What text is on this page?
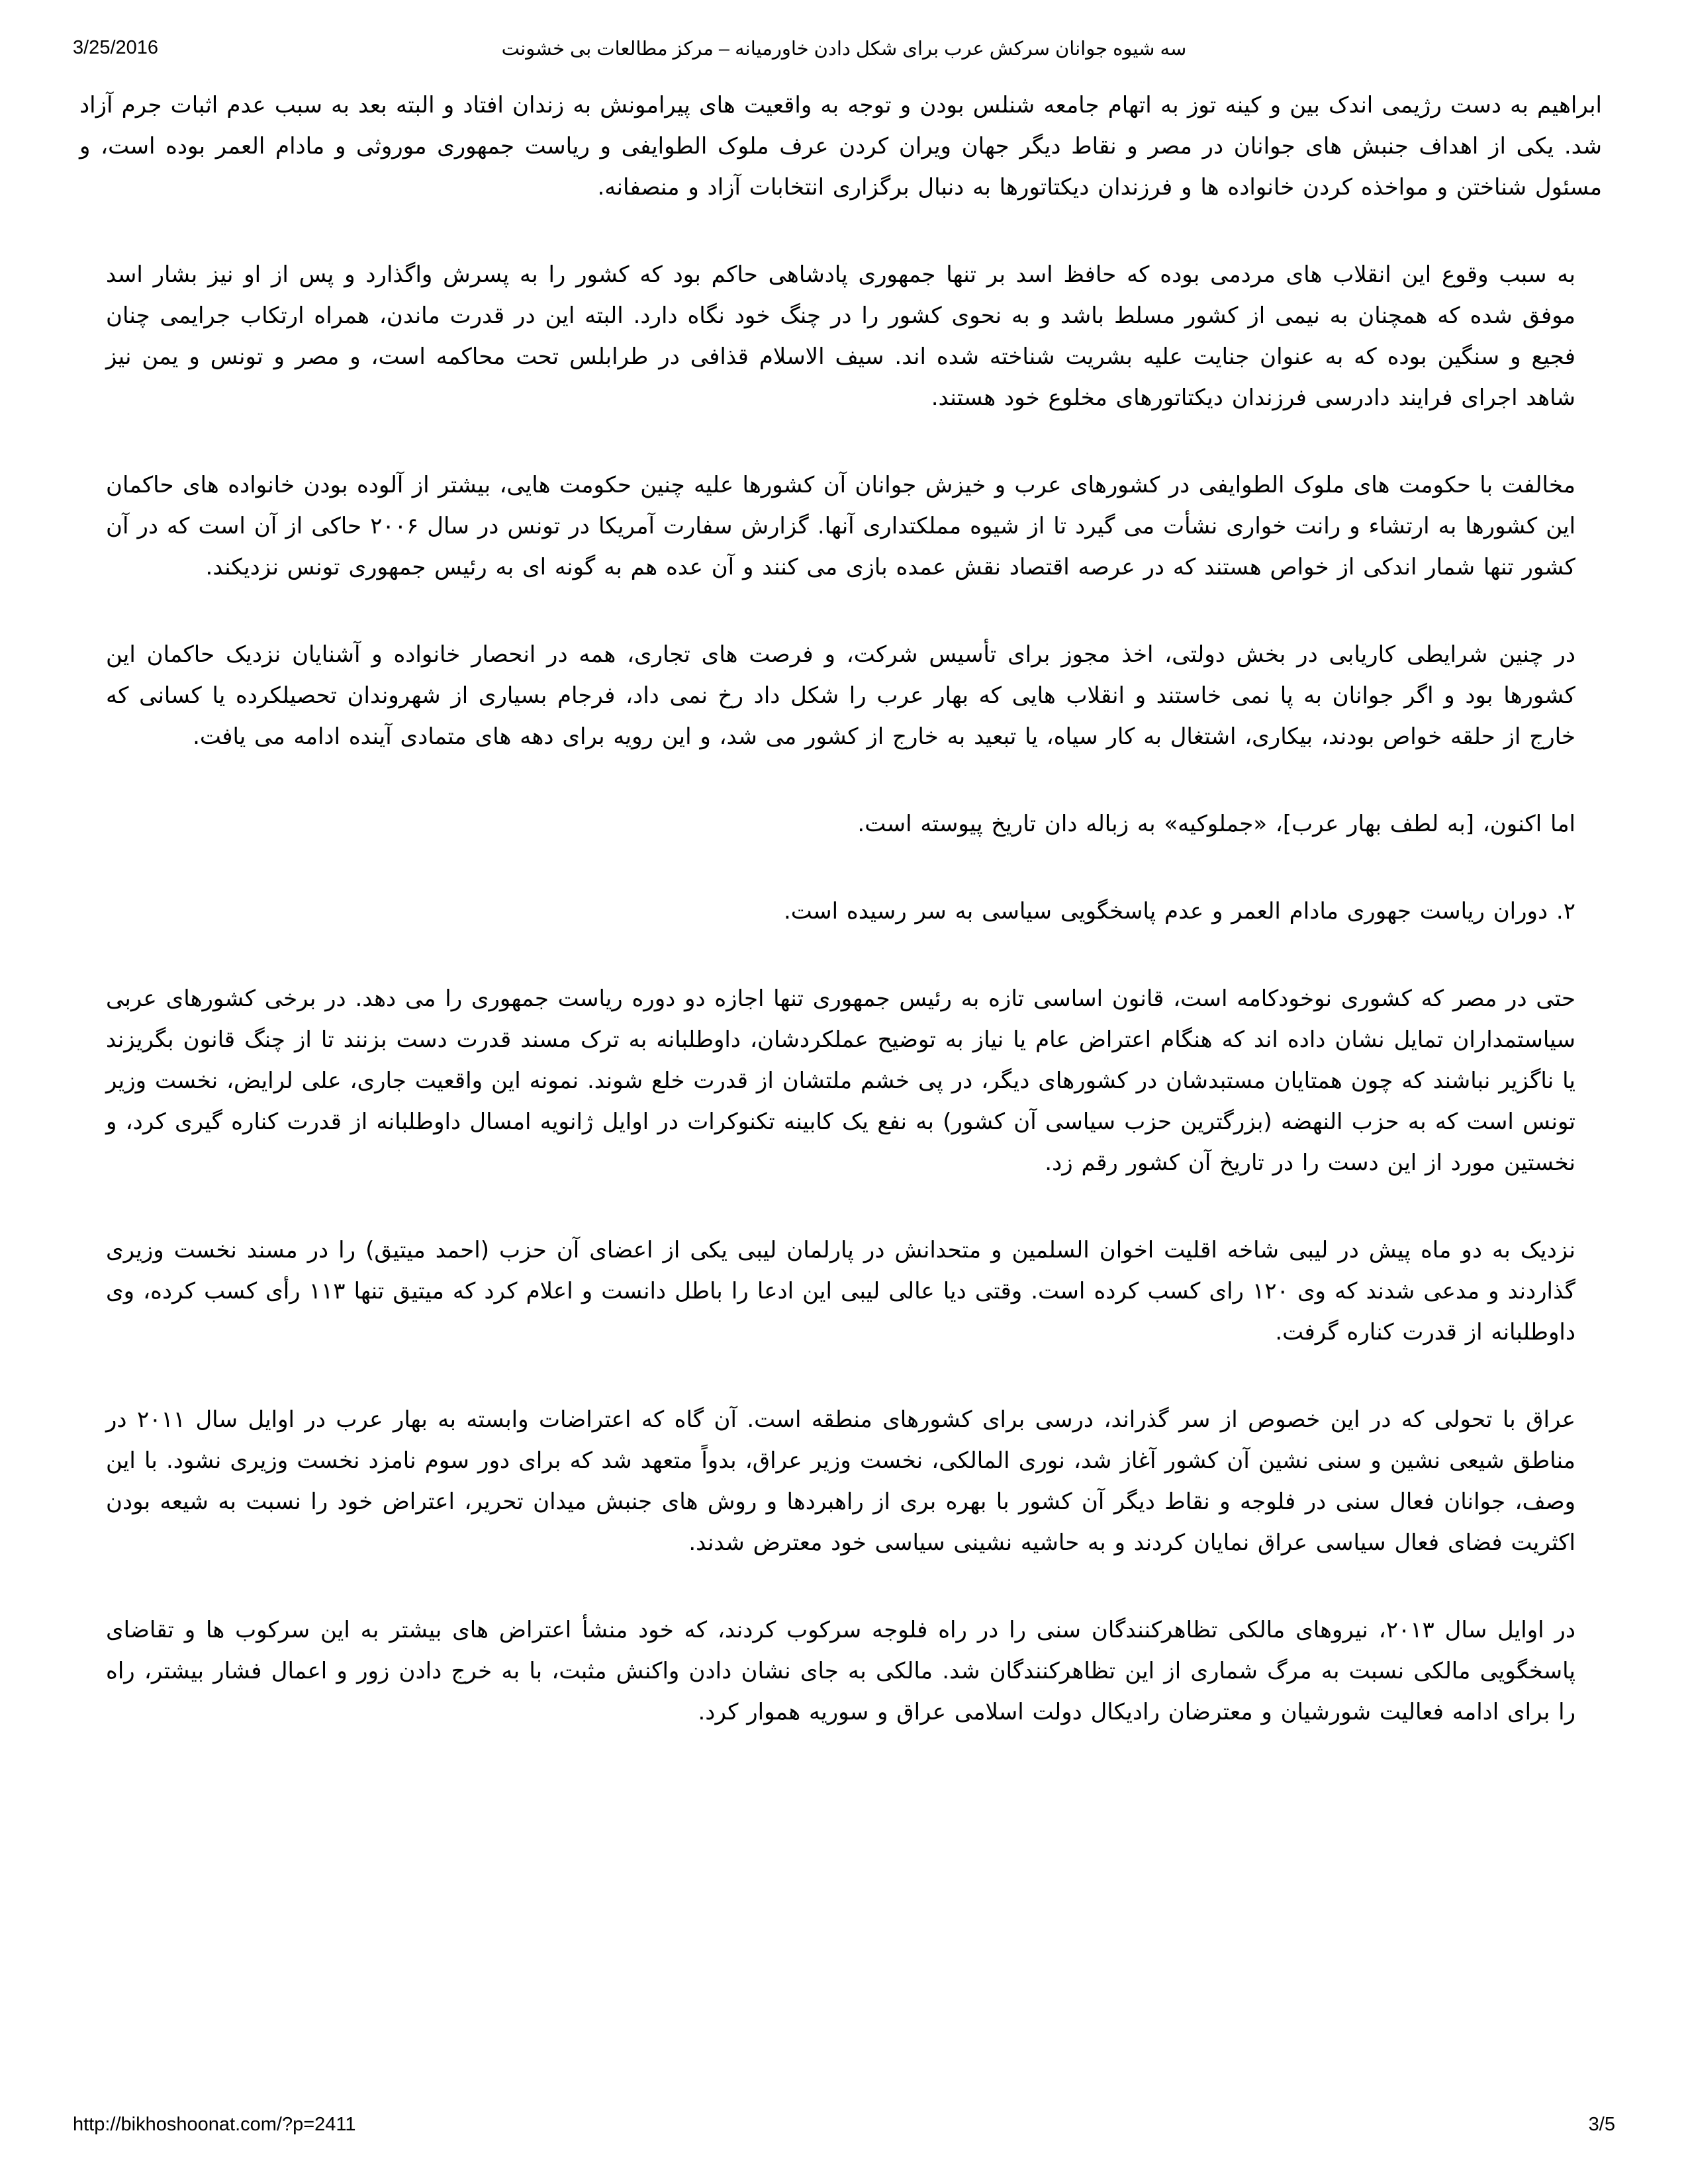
3/25/2016	سه شیوه جوانان سرکش عرب برای شکل دادن خاورمیانه – مرکز مطالعات بی خشونت

ابراهیم به دست رژیمی اندک بین و کینه توز به اتهام جامعه شنلس بودن و توجه به واقعیت های پیرامونش به زندان افتاد و البته بعد به سبب عدم اثبات جرم آزاد شد. یکی از اهداف جنبش های جوانان در مصر و نقاط دیگر جهان ویران کردن عرف ملوک الطوایفی و ریاست جمهوری موروثی و مادام العمر بوده است، و مسئول شناختن و مواخذه کردن خانواده ها و فرزندان دیکتاتورها به دنبال برگزاری انتخابات آزاد و منصفانه.

به سبب وقوع این انقلاب های مردمی بوده که حافظ اسد بر تنها جمهوری پادشاهی حاکم بود که کشور را به پسرش واگذارد و پس از او نیز بشار اسد موفق شده که همچنان به نیمی از کشور مسلط باشد و به نحوی کشور را در چنگ خود نگاه دارد. البته این در قدرت ماندن، همراه ارتکاب جرایمی چنان فجیع و سنگین بوده که به عنوان جنایت علیه بشریت شناخته شده اند. سیف الاسلام قذافی در طرابلس تحت محاکمه است، و مصر و تونس و یمن نیز شاهد اجرای فرایند دادرسی فرزندان دیکتاتورهای مخلوع خود هستند.

مخالفت با حکومت های ملوک الطوایفی در کشورهای عرب و خیزش جوانان آن کشورها علیه چنین حکومت هایی، بیشتر از آلوده بودن خانواده های حاکمان این کشورها به ارتشاء و رانت خواری نشأت می گیرد تا از شیوه مملکتداری آنها. گزارش سفارت آمریکا در تونس در سال ۲۰۰۶ حاکی از آن است که در آن کشور تنها شمار اندکی از خواص هستند که در عرصه اقتصاد نقش عمده بازی می کنند و آن عده هم به گونه ای به رئیس جمهوری تونس نزدیکند.

در چنین شرایطی کاریابی در بخش دولتی، اخذ مجوز برای تأسیس شرکت، و فرصت های تجاری، همه در انحصار خانواده و آشنایان نزدیک حاکمان این کشورها بود و اگر جوانان به پا نمی خاستند و انقلاب هایی که بهار عرب را شکل داد رخ نمی داد، فرجام بسیاری از شهروندان تحصیلکرده یا کسانی که خارج از حلقه خواص بودند، بیکاری، اشتغال به کار سیاه، یا تبعید به خارج از کشور می شد، و این رویه برای دهه های متمادی آینده ادامه می یافت.

اما اکنون، [به لطف بهار عرب]، «جملوکیه» به زباله دان تاریخ پیوسته است.

۲. دوران ریاست جهوری مادام العمر و عدم پاسخگویی سیاسی به سر رسیده است.

حتی در مصر که کشوری نوخودکامه است، قانون اساسی تازه به رئیس جمهوری تنها اجازه دو دوره ریاست جمهوری را می دهد. در برخی کشورهای عربی سیاستمداران تمایل نشان داده اند که هنگام اعتراض عام یا نیاز به توضیح عملکردشان، داوطلبانه به ترک مسند قدرت دست بزنند تا از چنگ قانون بگریزند یا ناگزیر نباشند که چون همتایان مستبدشان در کشورهای دیگر، در پی خشم ملتشان از قدرت خلع شوند. نمونه این واقعیت جاری، علی لرایض، نخست وزیر تونس است که به حزب النهضه (بزرگترین حزب سیاسی آن کشور) به نفع یک کابینه تکنوکرات در اوایل ژانویه امسال داوطلبانه از قدرت کناره گیری کرد، و نخستین مورد از این دست را در تاریخ آن کشور رقم زد.

نزدیک به دو ماه پیش در لیبی شاخه اقلیت اخوان السلمین و متحدانش در پارلمان لیبی یکی از اعضای آن حزب (احمد میتیق) را در مسند نخست وزیری گذاردند و مدعی شدند که وی ۱۲۰ رای کسب کرده است. وقتی دیا عالی لیبی این ادعا را باطل دانست و اعلام کرد که میتیق تنها ۱۱۳ رأی کسب کرده، وی داوطلبانه از قدرت کناره گرفت.

عراق با تحولی که در این خصوص از سر گذراند، درسی برای کشورهای منطقه است. آن گاه که اعتراضات وابسته به بهار عرب در اوایل سال ۲۰۱۱ در مناطق شیعی نشین و سنی نشین آن کشور آغاز شد، نوری المالکی، نخست وزیر عراق، بدواً متعهد شد که برای دور سوم نامزد نخست وزیری نشود. با این وصف، جوانان فعال سنی در فلوجه و نقاط دیگر آن کشور با بهره بری از راهبردها و روش های جنبش میدان تحریر، اعتراض خود را نسبت به شیعه بودن اکثریت فضای فعال سیاسی عراق نمایان کردند و به حاشیه نشینی سیاسی خود معترض شدند.

در اوایل سال ۲۰۱۳، نیروهای مالکی تظاهرکنندگان سنی را در راه فلوجه سرکوب کردند، که خود منشأ اعتراض های بیشتر به این سرکوب ها و تقاضای پاسخگویی مالکی نسبت به مرگ شماری از این تظاهرکنندگان شد. مالکی به جای نشان دادن واکنش مثبت، با به خرج دادن زور و اعمال فشار بیشتر، راه را برای ادامه فعالیت شورشیان و معترضان رادیکال دولت اسلامی عراق و سوریه هموار کرد.

http://bikhoshoonat.com/?p=2411	3/5
